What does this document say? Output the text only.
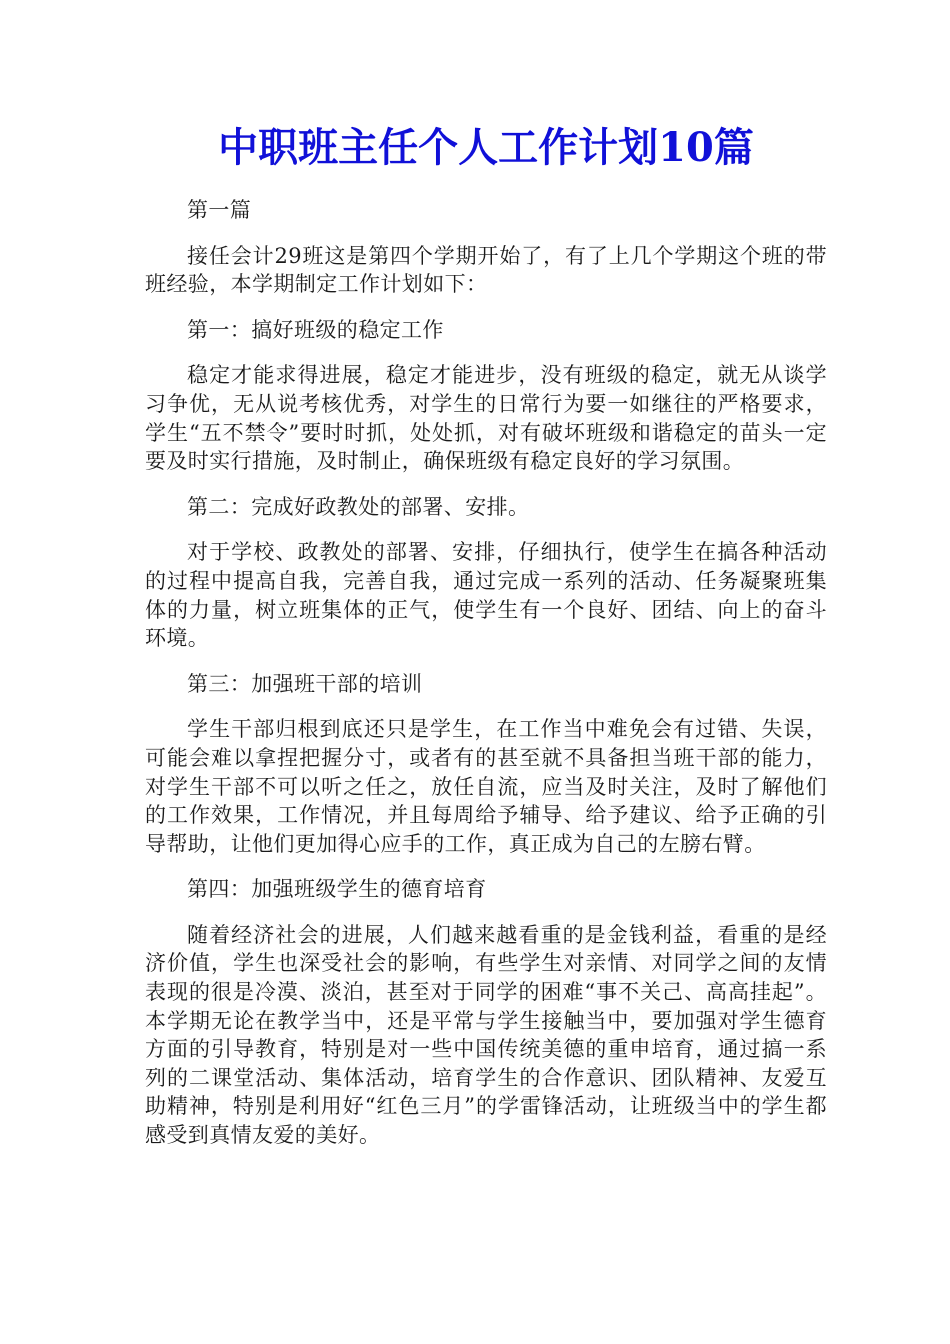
中职班主任个人工作计划10篇

第一篇

接任会计29班这是第四个学期开始了，有了上几个学期这个班的带班经验，本学期制定工作计划如下：

第一：搞好班级的稳定工作

稳定才能求得进展，稳定才能进步，没有班级的稳定，就无从谈学习争优，无从说考核优秀，对学生的日常行为要一如继往的严格要求，学生“五不禁令”要时时抓，处处抓，对有破坏班级和谐稳定的苗头一定要及时实行措施，及时制止，确保班级有稳定良好的学习氛围。

第二：完成好政教处的部署、安排。

对于学校、政教处的部署、安排，仔细执行，使学生在搞各种活动的过程中提高自我，完善自我，通过完成一系列的活动、任务凝聚班集体的力量，树立班集体的正气，使学生有一个良好、团结、向上的奋斗环境。

第三：加强班干部的培训

学生干部归根到底还只是学生，在工作当中难免会有过错、失误，可能会难以拿捏把握分寸，或者有的甚至就不具备担当班干部的能力，对学生干部不可以听之任之，放任自流，应当及时关注，及时了解他们的工作效果，工作情况，并且每周给予辅导、给予建议、给予正确的引导帮助，让他们更加得心应手的工作，真正成为自己的左膀右臂。

第四：加强班级学生的德育培育

随着经济社会的进展，人们越来越看重的是金钱利益，看重的是经济价值，学生也深受社会的影响，有些学生对亲情、对同学之间的友情表现的很是冷漠、淡泊，甚至对于同学的困难“事不关己、高高挂起”。本学期无论在教学当中，还是平常与学生接触当中，要加强对学生德育方面的引导教育，特别是对一些中国传统美德的重申培育，通过搞一系列的二课堂活动、集体活动，培育学生的合作意识、团队精神、友爱互助精神，特别是利用好“红色三月”的学雷锋活动，让班级当中的学生都感受到真情友爱的美好。
